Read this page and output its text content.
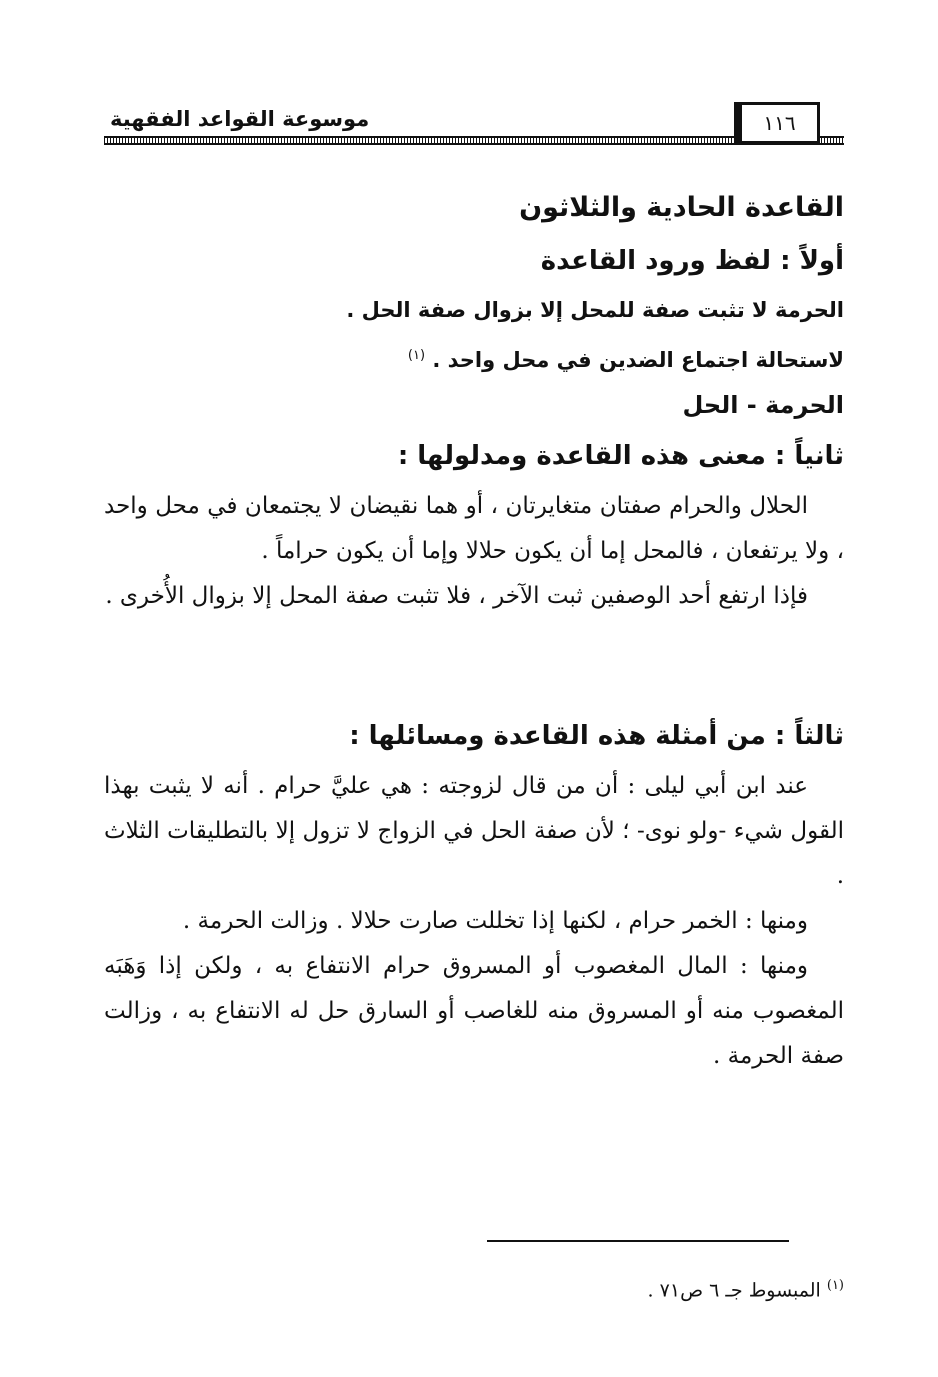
١١٦
موسوعة القواعد الفقهية
القاعدة الحادية والثلاثون
أولاً : لفظ ورود القاعدة
الحرمة لا تثبت صفة للمحل إلا بزوال صفة الحل .
لاستحالة اجتماع الضدين في محل واحد . $^{(١)}$
الحرمة - الحل
ثانياً : معنى هذه القاعدة ومدلولها :

الحلال والحرام صفتان متغايرتان ، أو هما نقيضان لا يجتمعان في محل واحد ، ولا يرتفعان ، فالمحل إما أن يكون حلالا وإما أن يكون حراماً .

فإذا ارتفع أحد الوصفين ثبت الآخر ، فلا تثبت صفة المحل إلا بزوال الأُخرى .

ثالثاً : من أمثلة هذه القاعدة ومسائلها :

عند ابن أبي ليلى : أن من قال لزوجته : هي عليَّ حرام . أنه لا يثبت بهذا القول شيء -ولو نوى- ؛ لأن صفة الحل في الزواج لا تزول إلا بالتطليقات الثلاث .

ومنها : الخمر حرام ، لكنها إذا تخللت صارت حلالا . وزالت الحرمة .

ومنها : المال المغصوب أو المسروق حرام الانتفاع به ، ولكن إذا وَهَبَه المغصوب منه أو المسروق منه للغاصب أو السارق حل له الانتفاع به ، وزالت صفة الحرمة .

$^{(١)}$ المبسوط جـ ٦ ص٧١ .
